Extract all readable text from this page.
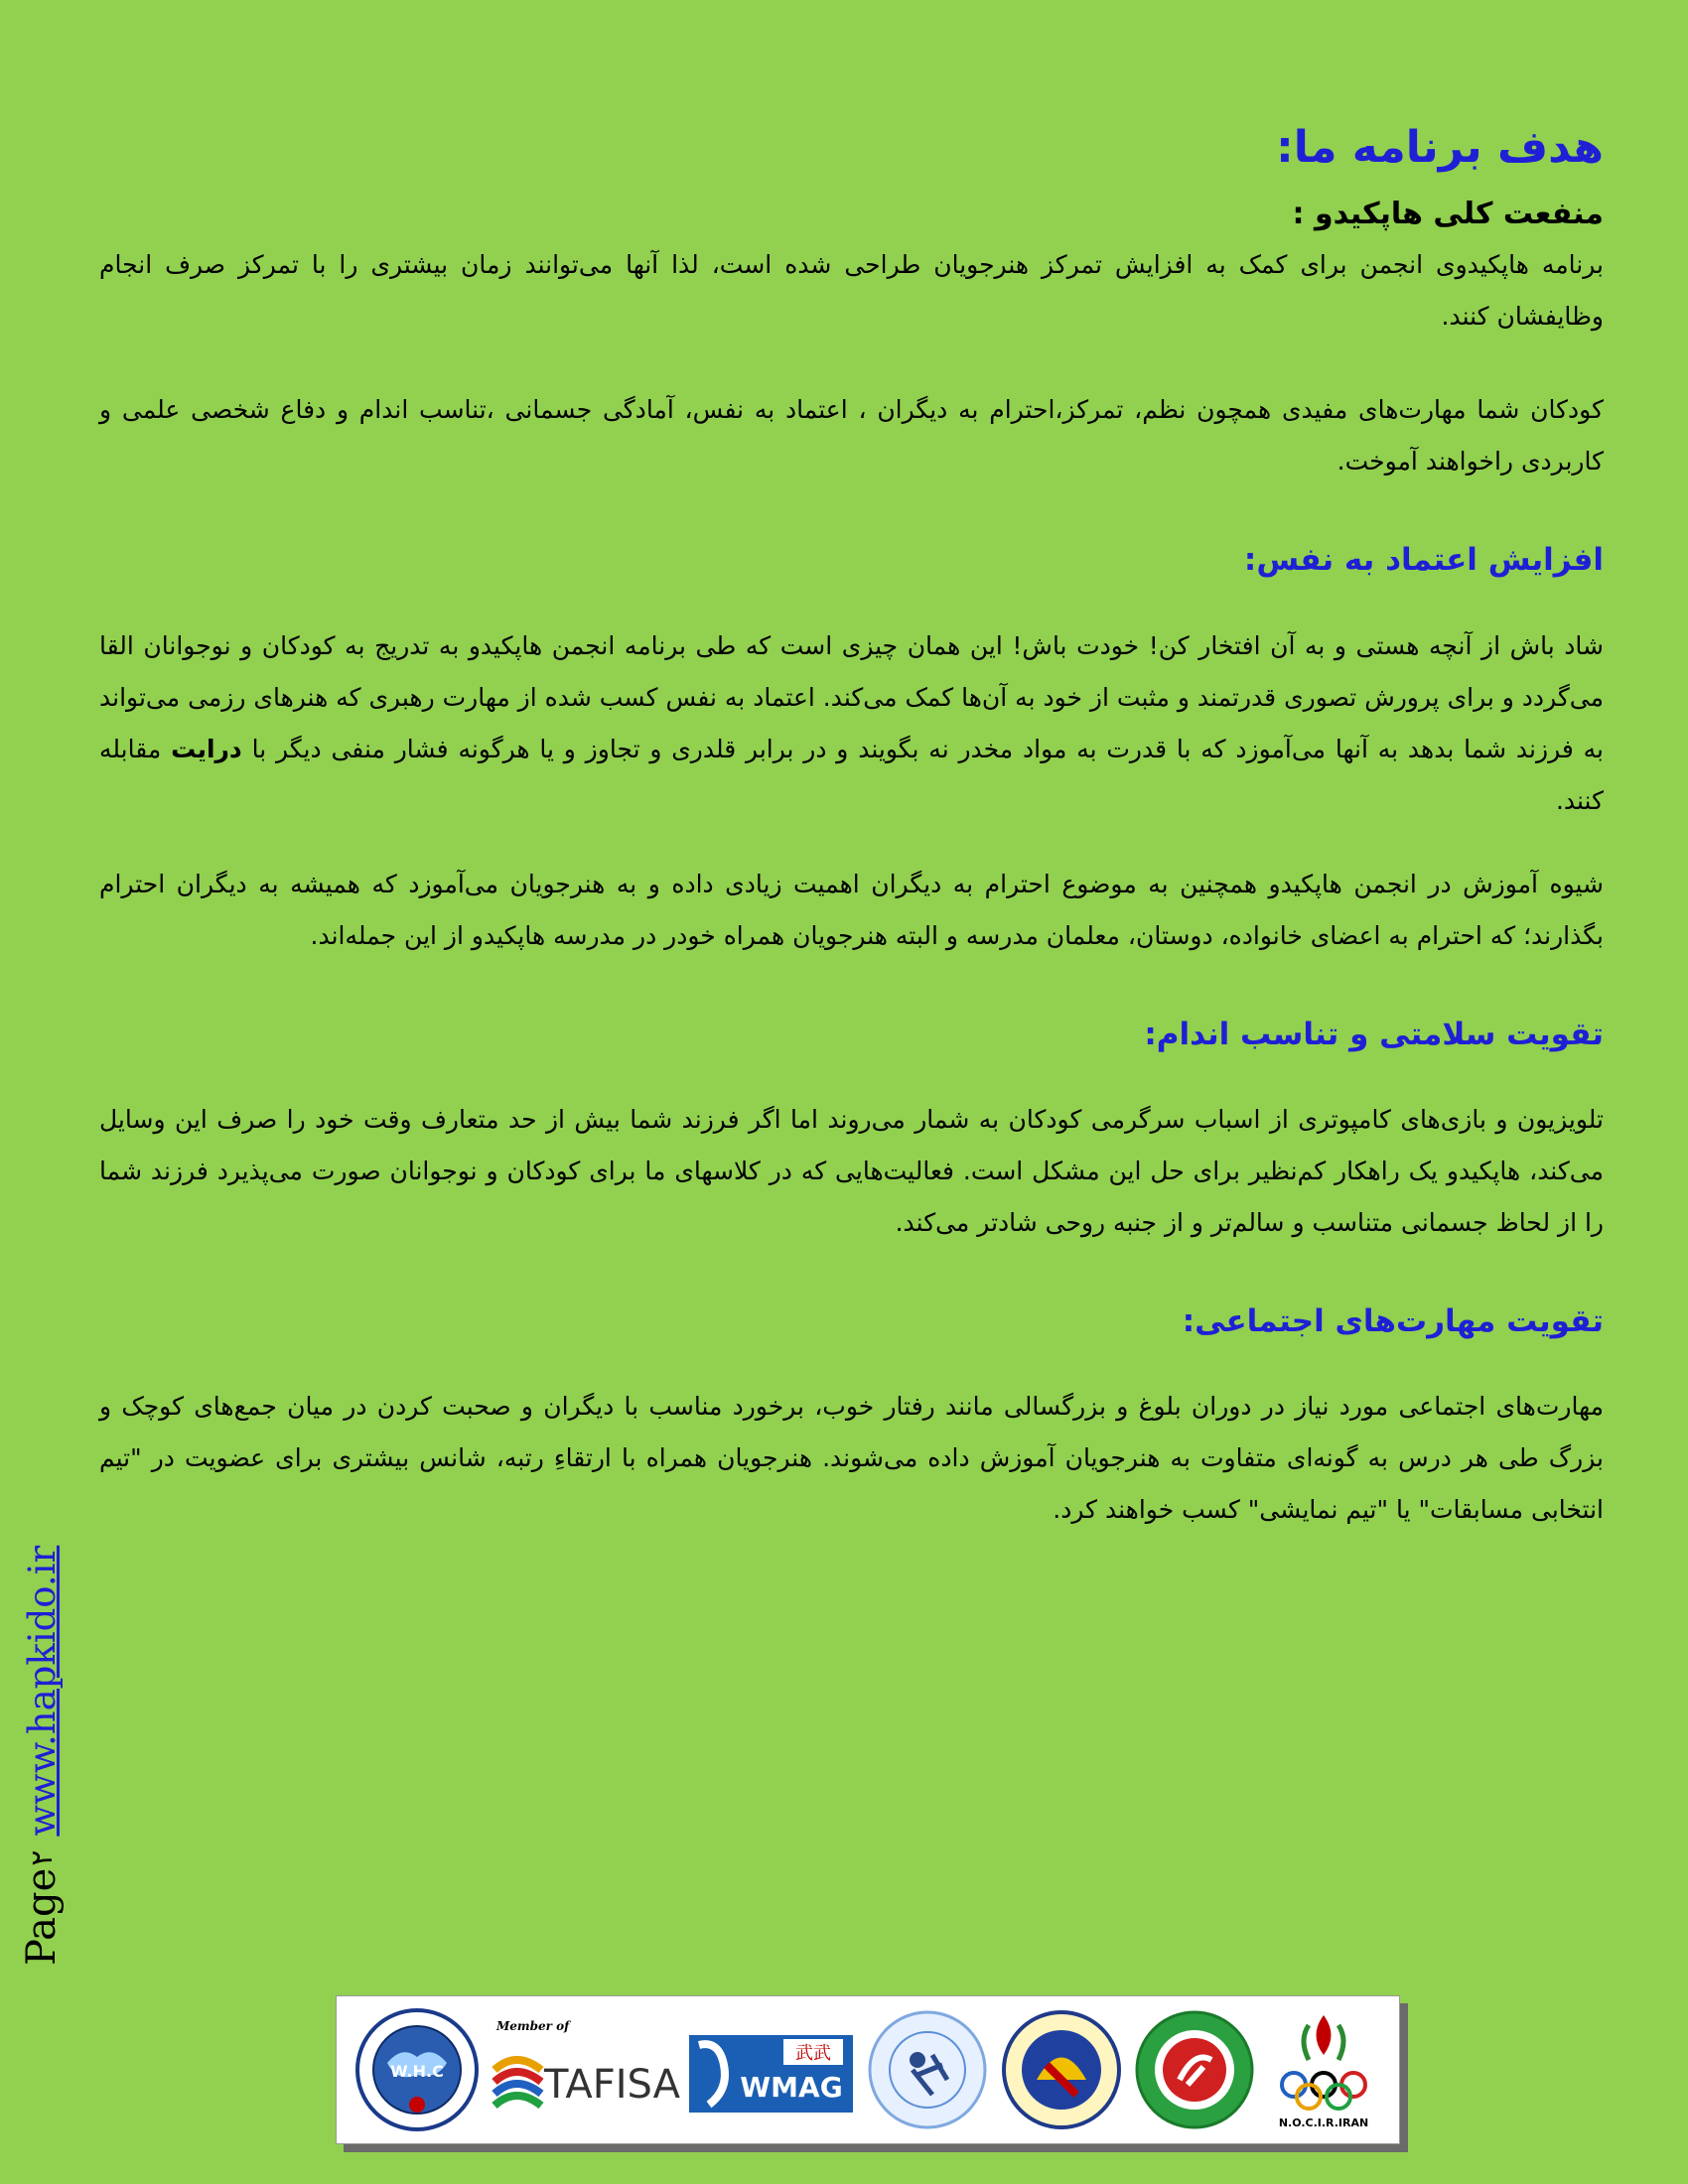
هدف برنامه ما:
منفعت کلی هاپکیدو :

برنامه هاپکیدوی انجمن برای کمک به افزایش تمرکز هنرجویان طراحی شده است، لذا آنها می‌توانند زمان بیشتری را با تمرکز صرف انجام وظایفشان کنند.

کودکان شما مهارت‌های مفیدی همچون نظم، تمرکز،احترام به دیگران ، اعتماد به نفس، آمادگی جسمانی ،تناسب اندام و دفاع شخصی علمی و کاربردی راخواهند آموخت.

افزایش اعتماد به نفس:

شاد باش از آنچه هستی و به آن افتخار کن! خودت باش! این همان چیزی است که طی برنامه انجمن هاپکیدو به تدریج به کودکان و نوجوانان القا می‌گردد و برای پرورش تصوری قدرتمند و مثبت از خود به آن‌ها کمک می‌کند. اعتماد به نفس کسب شده از مهارت رهبری که هنرهای رزمی می‌تواند به فرزند شما بدهد به آنها می‌آموزد که با قدرت به مواد مخدر نه بگویند و در برابر قلدری و تجاوز و یا هرگونه فشار منفی دیگر با درایت مقابله کنند.

شیوه آموزش در انجمن هاپکیدو همچنین به موضوع احترام به دیگران اهمیت زیادی داده و به هنرجویان می‌آموزد که همیشه به دیگران احترام بگذارند؛ که احترام به اعضای خانواده، دوستان، معلمان مدرسه و البته هنرجویان همراه خودر در مدرسه هاپکیدو از این جمله‌اند.

تقویت سلامتی و تناسب اندام:

تلویزیون و بازی‌های کامپوتری از اسباب سرگرمی کودکان به شمار می‌روند اما اگر فرزند شما بیش از حد متعارف وقت خود را صرف این وسایل می‌کند، هاپکیدو یک راهکار کم‌نظیر برای حل این مشکل است. فعالیت‌هایی که در کلاسهای ما برای کودکان و نوجوانان صورت می‌پذیرد فرزند شما را از لحاظ جسمانی متناسب و سالم‌تر و از جنبه روحی شادتر می‌کند.

تقویت مهارت‌های اجتماعی:

مهارت‌های اجتماعی مورد نیاز در دوران بلوغ و بزرگسالی مانند رفتار خوب، برخورد مناسب با دیگران و صحبت کردن در میان جمع‌های کوچک و بزرگ طی هر درس به گونه‌ای متفاوت به هنرجویان آموزش داده می‌شوند. هنرجویان همراه با ارتقاءِ رتبه، شانس بیشتری برای عضویت در "تیم انتخابی مسابقات" یا "تیم نمایشی" کسب خواهند کرد.

Page
۲
www.hapkido.ir
W.H.C
Member of
TAFISA
武武
WMAG
N.O.C.I.R.IRAN
